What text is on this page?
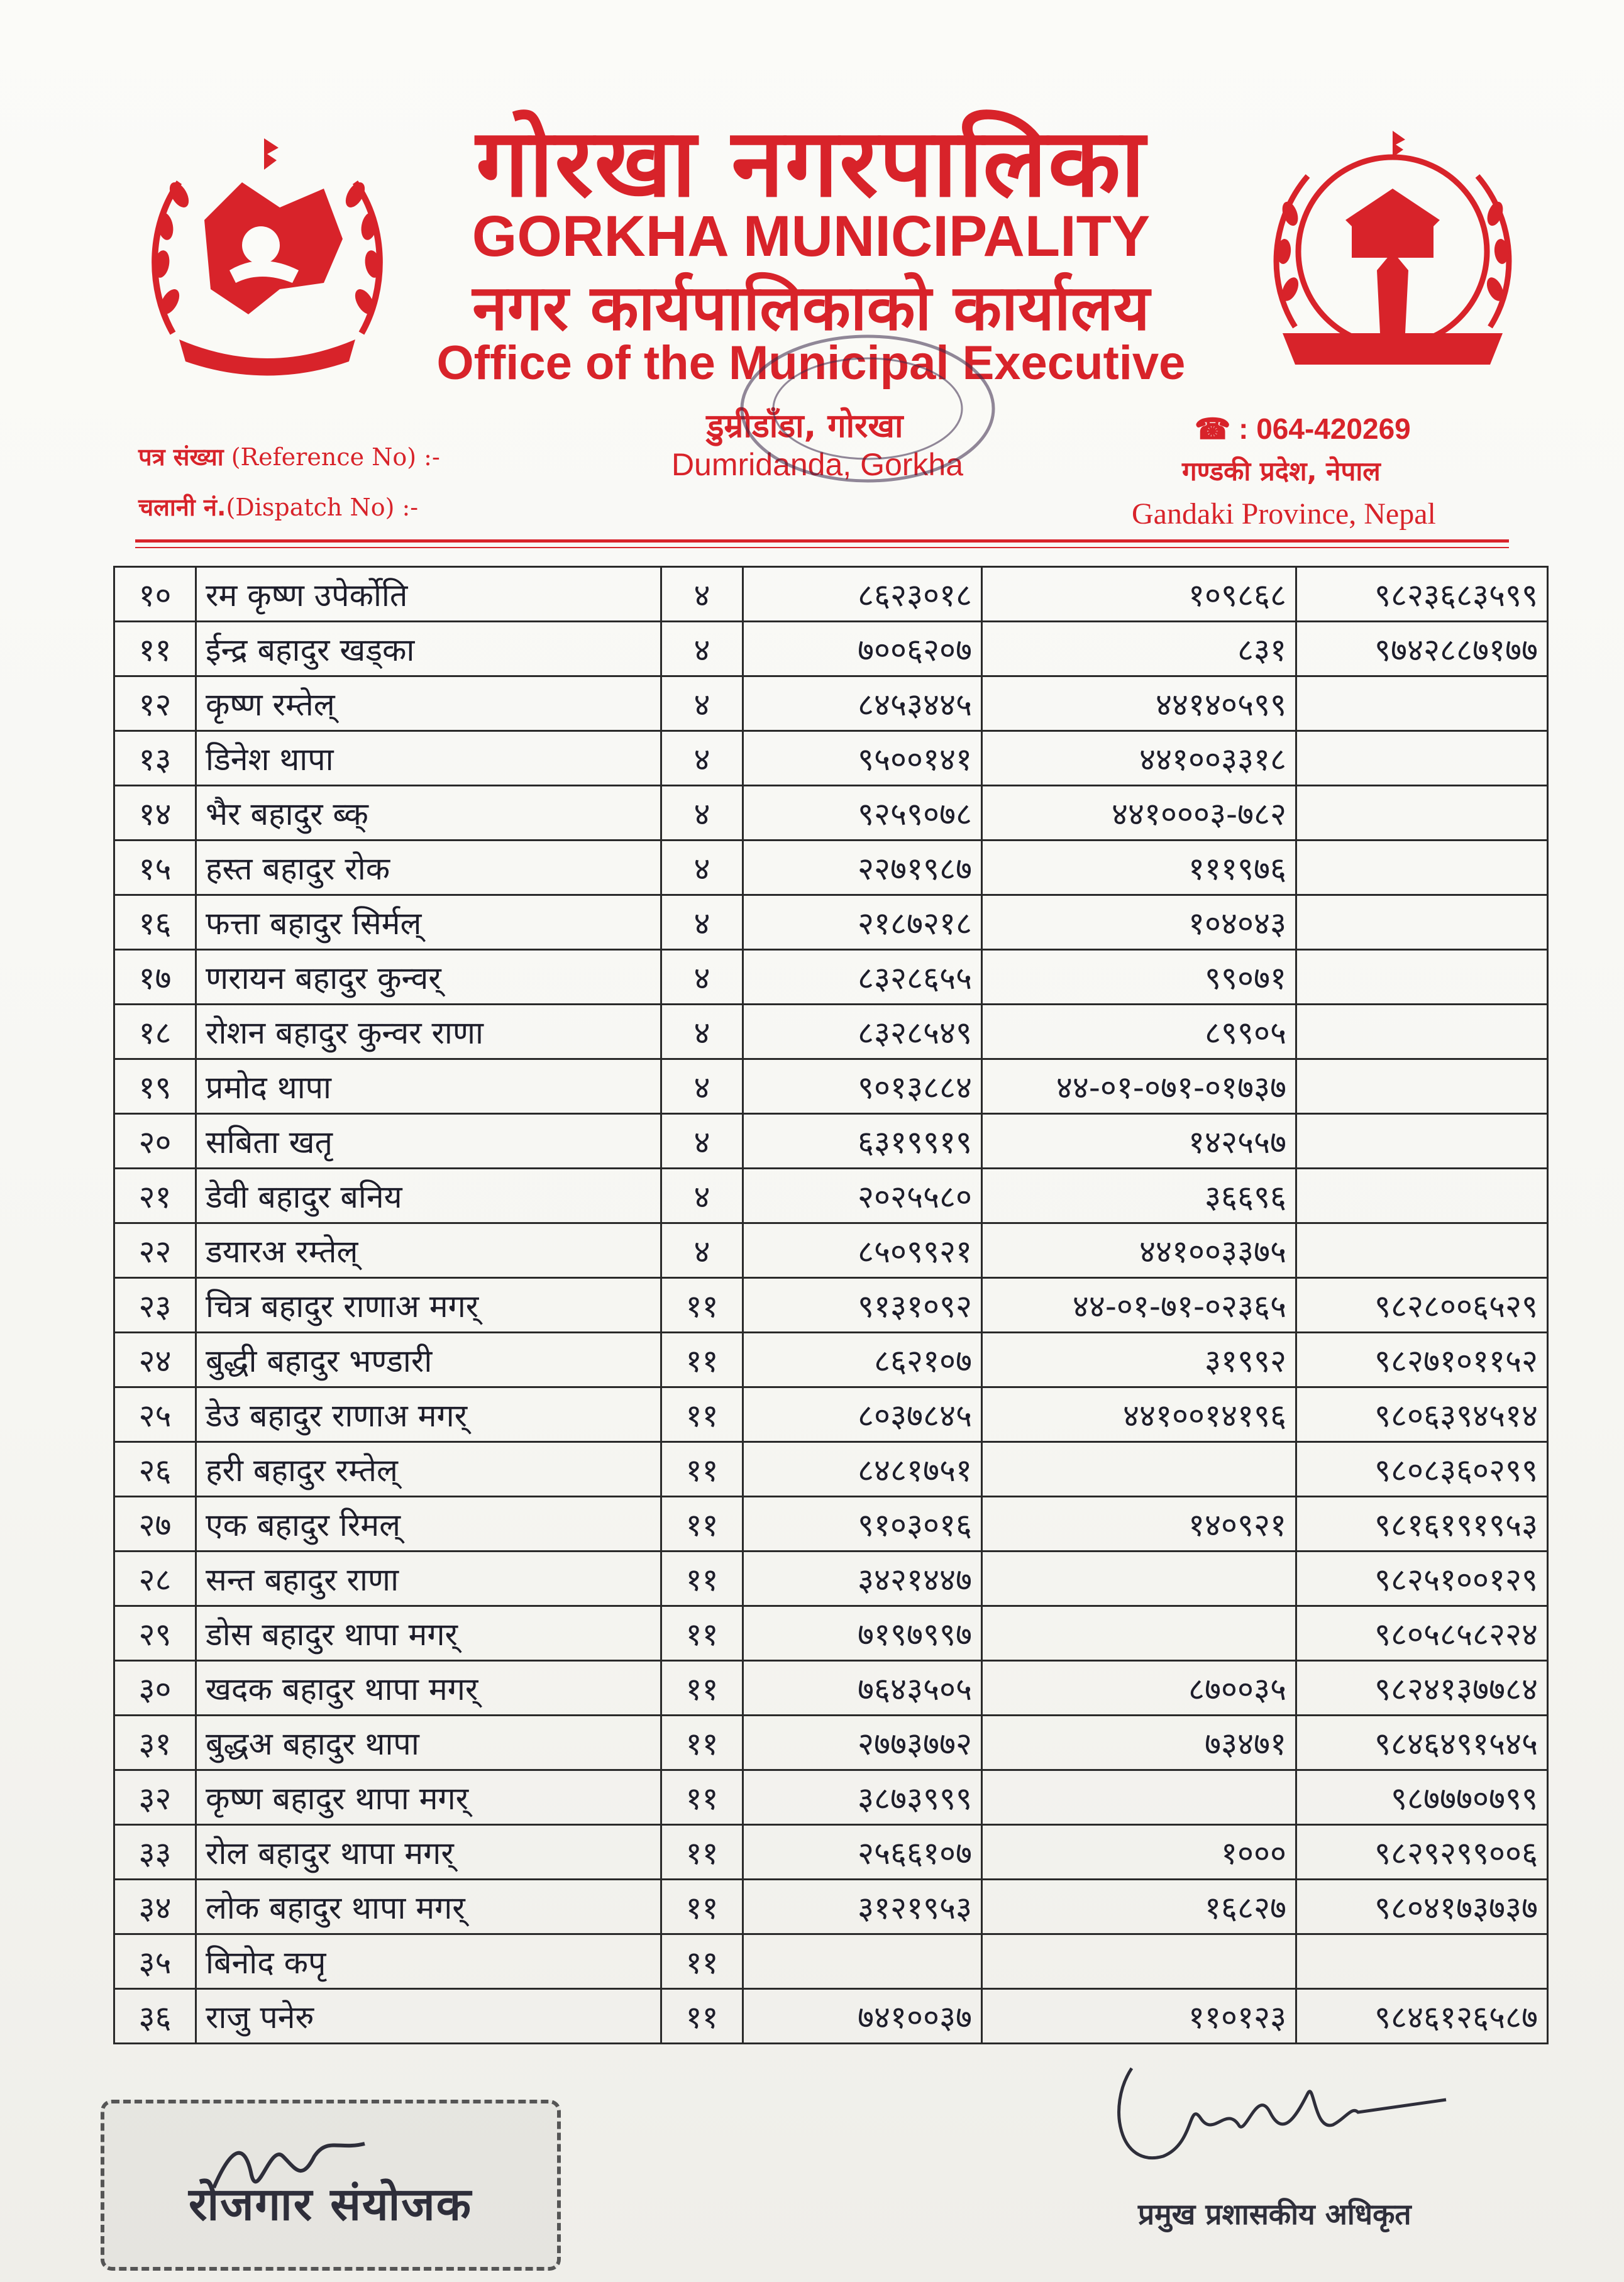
गोरखा नगरपालिका
GORKHA MUNICIPALITY
नगर कार्यपालिकाको कार्यालय
Office of the Municipal Executive
डुम्रीडाँडा, गोरखा
Dumridanda, Gorkha
पत्र संख्या (Reference No) :-
चलानी नं.(Dispatch No) :-
☎ : 064-420269
गण्डकी प्रदेश, नेपाल
Gandaki Province, Nepal
१०	रम कृष्ण उपेर्कोति	४	८६२३०१८	१०९८६८	९८२३६८३५९९
११	ईन्द्र बहादुर खड्का	४	७००६२०७	८३१	९७४२८८७१७७
१२	कृष्ण रम्तेल्	४	८४५३४४५	४४१४०५९९	
१३	डिनेश थापा	४	९५००१४१	४४१००३३१८	
१४	भैर बहादुर ब्क्	४	९२५९०७८	४४१०००३-७८२	
१५	हस्त बहादुर रोक	४	२२७१९८७	१११९७६	
१६	फत्ता बहादुर सिर्मल्	४	२१८७२१८	१०४०४३	
१७	णरायन बहादुर कुन्वर्	४	८३२८६५५	९९०७१	
१८	रोशन बहादुर कुन्वर राणा	४	८३२८५४९	८९९०५	
१९	प्रमोद थापा	४	९०१३८८४	४४-०१-०७१-०१७३७	
२०	सबिता खतृ	४	६३१९९१९	१४२५५७	
२१	डेवी बहादुर बनिय	४	२०२५५८०	३६६९६	
२२	डयारअ रम्तेल्	४	८५०९९२१	४४१००३३७५	
२३	चित्र बहादुर राणाअ मगर्	११	९१३१०९२	४४-०१-७१-०२३६५	९८२८००६५२९
२४	बुद्धी बहादुर भण्डारी	११	८६२१०७	३१९९२	९८२७१०११५२
२५	डेउ बहादुर राणाअ मगर्	११	८०३७८४५	४४१००१४१९६	९८०६३९४५१४
२६	हरी बहादुर रम्तेल्	११	८४८१७५१		९८०८३६०२९९
२७	एक बहादुर रिमल्	११	९१०३०१६	१४०९२१	९८१६१९१९५३
२८	सन्त बहादुर राणा	११	३४२१४४७		९८२५१००१२९
२९	डोस बहादुर थापा मगर्	११	७१९७९९७		९८०५८५८२२४
३०	खदक बहादुर थापा मगर्	११	७६४३५०५	८७००३५	९८२४१३७७८४
३१	बुद्धअ बहादुर थापा	११	२७७३७७२	७३४७१	९८४६४९१५४५
३२	कृष्ण बहादुर थापा मगर्	११	३८७३९९९		९८७७७०७९९
३३	रोल बहादुर थापा मगर्	११	२५६६१०७	१०००	९८२९२९९००६
३४	लोक बहादुर थापा मगर्	११	३१२१९५३	१६८२७	९८०४१७३७३७
३५	बिनोद कपृ	११			
३६	राजु पनेरु	११	७४१००३७	११०१२३	९८४६१२६५८७
रोजगार संयोजक	प्रमुख प्रशासकीय अधिकृत
